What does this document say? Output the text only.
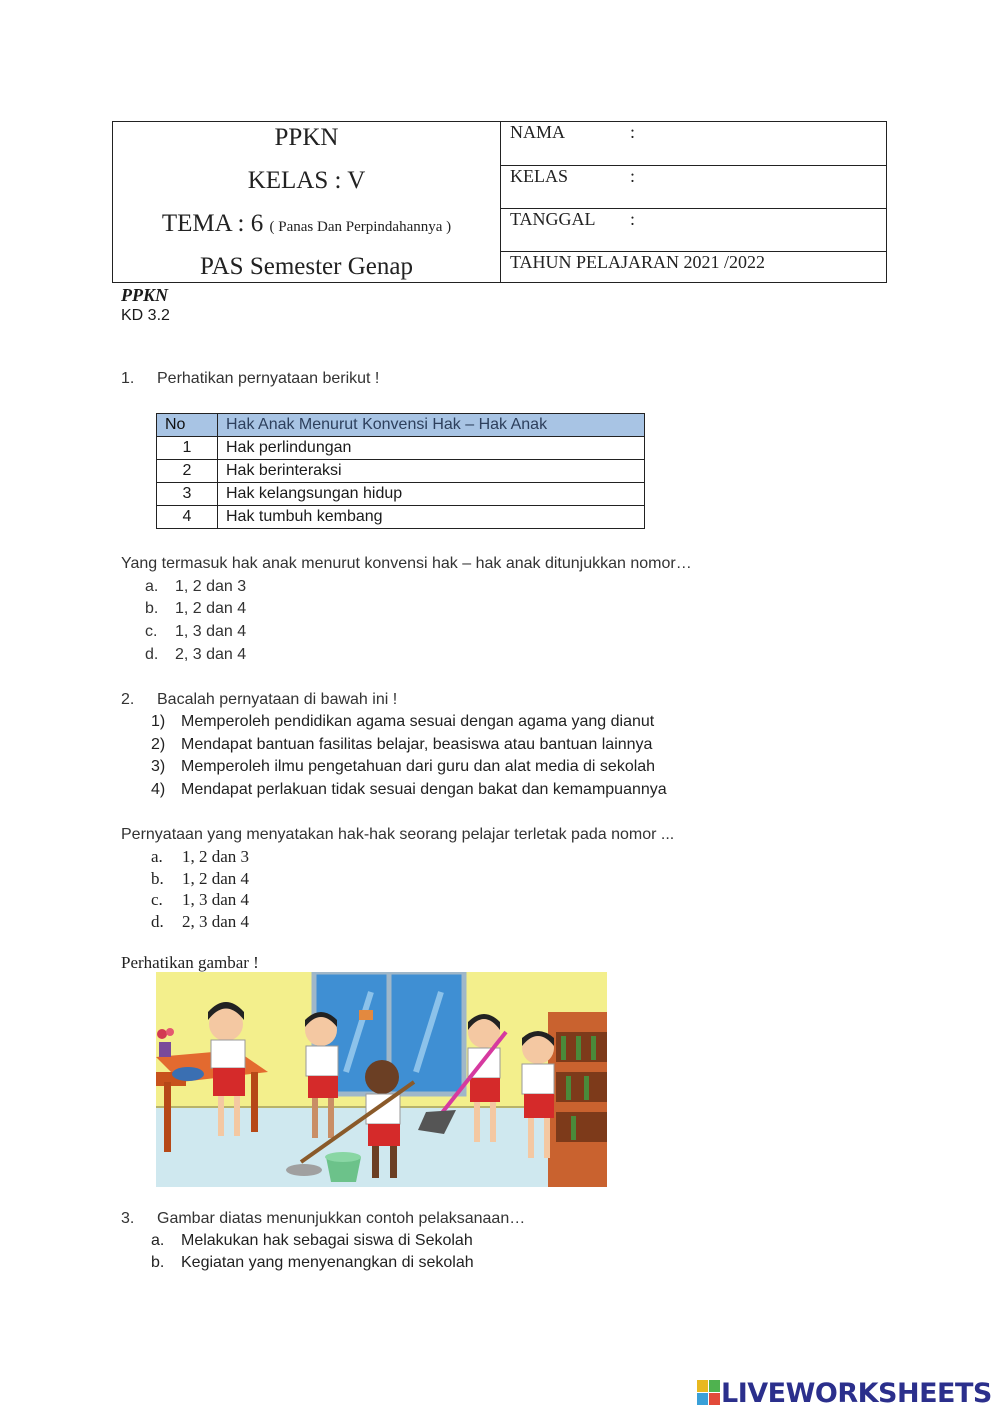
PPKN
KELAS : V
TEMA : 6 ( Panas Dan Perpindahannya )
PAS Semester Genap
NAMA	:
KELAS	:
TANGGAL :
TAHUN PELAJARAN 2021 /2022
PPKN
KD 3.2
1. Perhatikan pernyataan berikut !
No	Hak Anak Menurut Konvensi Hak – Hak Anak
1	Hak perlindungan
2	Hak berinteraksi
3	Hak kelangsungan hidup
4	Hak tumbuh kembang
Yang termasuk hak anak menurut konvensi hak – hak anak ditunjukkan nomor…
a. 1, 2 dan 3
b. 1, 2 dan 4
c. 1, 3 dan 4
d. 2, 3 dan 4
2. Bacalah pernyataan di bawah ini !
1) Memperoleh pendidikan agama sesuai dengan agama yang dianut
2) Mendapat bantuan fasilitas belajar, beasiswa atau bantuan lainnya
3) Memperoleh ilmu pengetahuan dari guru dan alat media di sekolah
4) Mendapat perlakuan tidak sesuai dengan bakat dan kemampuannya
Pernyataan yang menyatakan hak-hak seorang pelajar terletak pada nomor ...
a. 1, 2 dan 3
b. 1, 2 dan 4
c. 1, 3 dan 4
d. 2, 3 dan 4
Perhatikan gambar !
3. Gambar diatas menunjukkan contoh pelaksanaan…
a. Melakukan hak sebagai siswa di Sekolah
b. Kegiatan yang menyenangkan di sekolah
LIVEWORKSHEETS
